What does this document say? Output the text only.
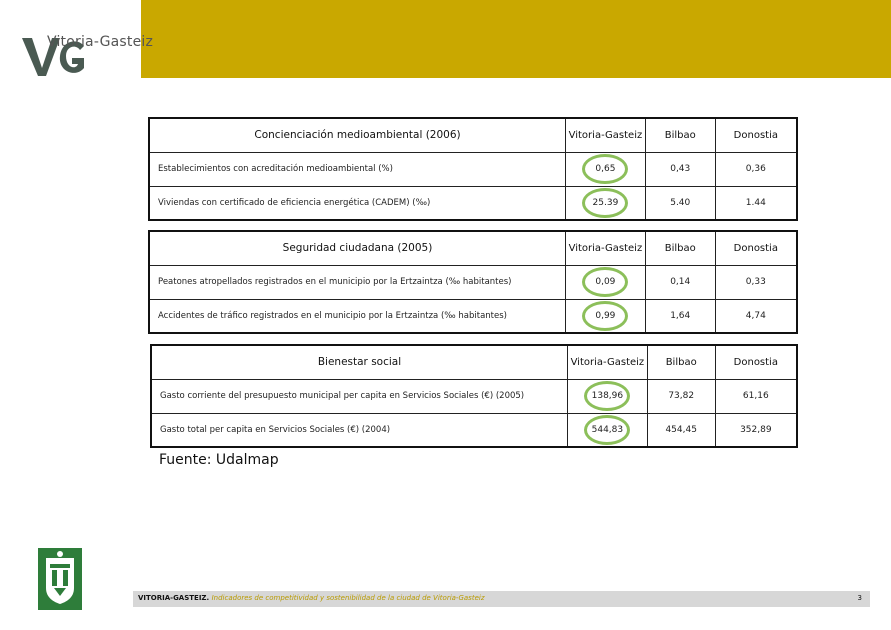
Vitoria-Gasteiz
Concienciación medioambiental (2006)	Vitoria-Gasteiz	Bilbao	Donostia
Establecimientos con acreditación medioambiental (%)	0,65	0,43	0,36
Viviendas con certificado de eficiencia energética (CADEM) (‰)	25.39	5.40	1.44
Seguridad ciudadana (2005)	Vitoria-Gasteiz	Bilbao	Donostia
Peatones atropellados registrados en el municipio por la Ertzaintza (‰ habitantes)	0,09	0,14	0,33
Accidentes de tráfico registrados en el municipio por la Ertzaintza (‰ habitantes)	0,99	1,64	4,74
Bienestar social	Vitoria-Gasteiz	Bilbao	Donostia
Gasto corriente del presupuesto municipal per capita en Servicios Sociales (€) (2005)	138,96	73,82	61,16
Gasto total per capita en Servicios Sociales (€) (2004)	544,83	454,45	352,89
Fuente: Udalmap
VITORIA-GASTEIZ. Indicadores de competitividad y sostenibilidad de la ciudad de Vitoria-Gasteiz	3
